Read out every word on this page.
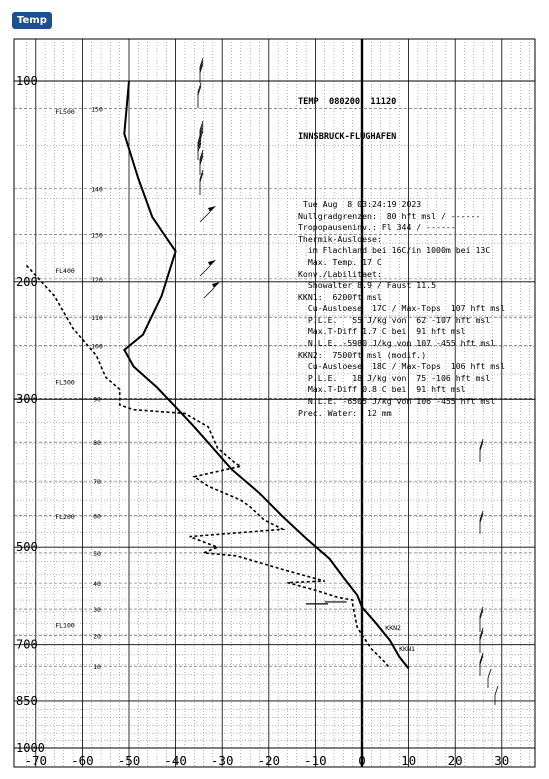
Temp
100
200
300
500
700
850
1000
-70 -60 -50 -40 -30 -20 -10	0	10	20	30
150
140
130
120
110
100
90
80
70
60
50
40
30
20
10
FL500
FL400
FL300
FL200
FL100	KKN2
KKN1

TEMP  080200  11120

INNSBRUCK-FLUGHAFEN

Tue Aug  8 03:24:19 2023
Nullgradgrenzen:  80 hft msl / ------
Tropopauseninv.: Fl 344 / ------
Thermik-Ausloese:
im Flachland bei 16C/in 1000m bei 13C
Max. Temp. 17 C
Konv./Labilitaet:
Showalter 8.9 / Faust 11.5
KKN1:  6200ft msl
Cu-Ausloese  17C / Max-Tops  107 hft msl
P.L.E.   55 J/kg von  62 -107 hft msl
Max.T-Diff 1.7 C bei  91 hft msl
N.L.E. -5980 J/kg von 107 -455 hft msl
KKN2:  7500ft msl (modif.)
Cu-Ausloese  18C / Max-Tops  106 hft msl
P.L.E.   18 J/kg von  75 -106 hft msl
Max.T-Diff 0.8 C bei  91 hft msl
N.L.E. -6505 J/kg von 106 -455 hft msl
Prec. Water:  12 mm
